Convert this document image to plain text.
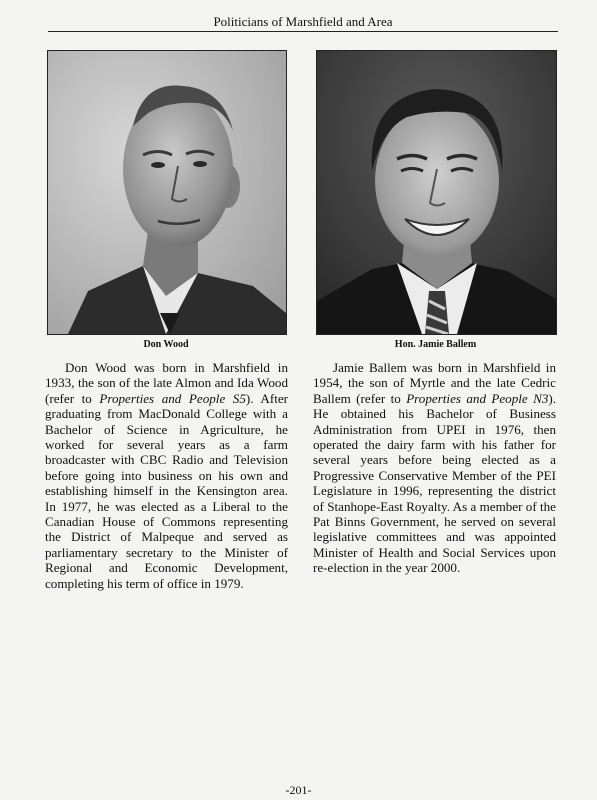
Politicians of Marshfield and Area
Don Wood	Hon. Jamie Ballem

Don Wood was born in Marshfield in 1933, the son of the late Almon and Ida Wood (refer to Properties and People S5). After graduating from MacDonald College with a Bachelor of Science in Agriculture, he worked for several years as a farm broadcaster with CBC Radio and Television before going into business on his own and establishing himself in the Kensington area. In 1977, he was elected as a Liberal to the Canadian House of Commons representing the District of Malpeque and served as parliamentary secretary to the Minister of Regional and Economic Development, completing his term of office in 1979.

Jamie Ballem was born in Marshfield in 1954, the son of Myrtle and the late Cedric Ballem (refer to Properties and People N3). He obtained his Bachelor of Business Administration from UPEI in 1976, then operated the dairy farm with his father for several years before being elected as a Progressive Conservative Member of the PEI Legislature in 1996, representing the district of Stanhope-East Royalty. As a member of the Pat Binns Government, he served on several legislative committees and was appointed Minister of Health and Social Services upon re-election in the year 2000.

-201-
